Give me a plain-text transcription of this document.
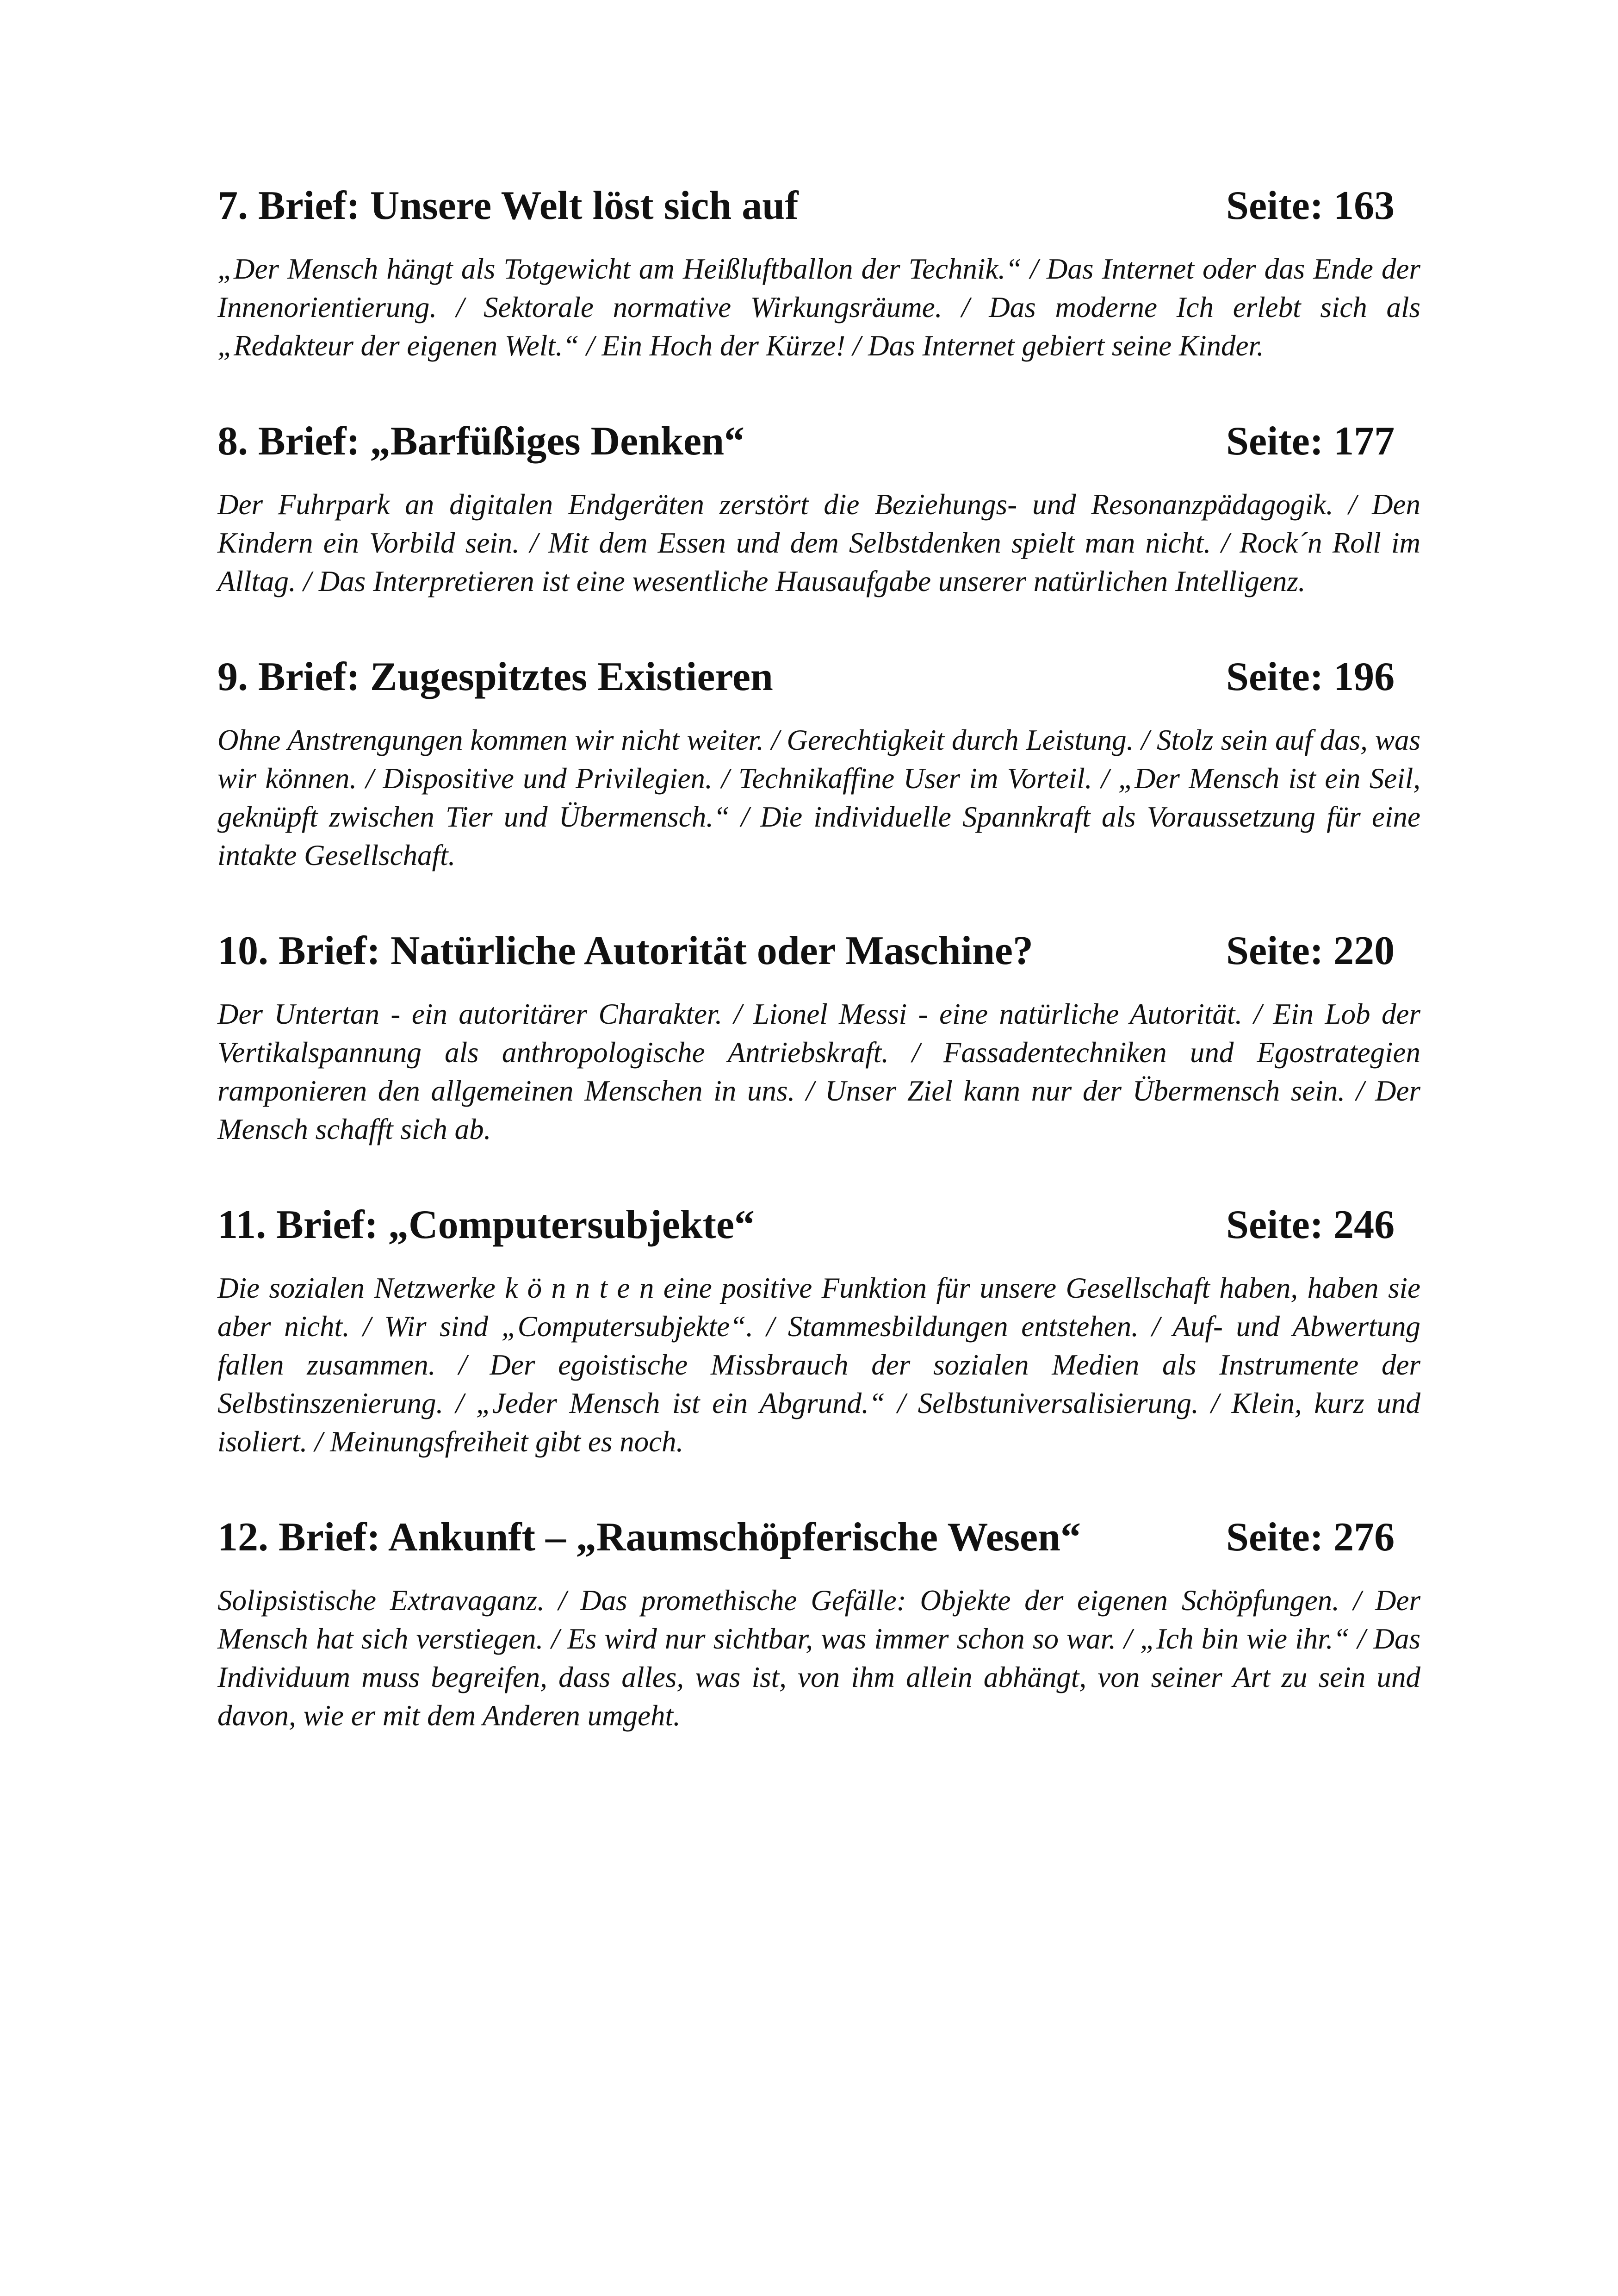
7. Brief: Unsere Welt löst sich auf	Seite: 163

„Der Mensch hängt als Totgewicht am Heißluftballon der Technik.“ / Das Internet oder das Ende der Innenorientierung. / Sektorale normative Wirkungsräume. / Das moderne Ich erlebt sich als „Redakteur der eigenen Welt.“ / Ein Hoch der Kürze! / Das Internet gebiert seine Kinder.

8. Brief: „Barfüßiges Denken“	Seite: 177

Der Fuhrpark an digitalen Endgeräten zerstört die Beziehungs- und Resonanzpädagogik. / Den Kindern ein Vorbild sein. / Mit dem Essen und dem Selbstdenken spielt man nicht. / Rock´n Roll im Alltag. / Das Interpretieren ist eine wesentliche Hausaufgabe unserer natürlichen Intelligenz.

9. Brief: Zugespitztes Existieren	Seite: 196

Ohne Anstrengungen kommen wir nicht weiter. / Gerechtigkeit durch Leistung. / Stolz sein auf das, was wir können. / Dispositive und Privilegien. / Technikaffine User im Vorteil. / „Der Mensch ist ein Seil, geknüpft zwischen Tier und Übermensch.“ / Die individuelle Spannkraft als Voraussetzung für eine intakte Gesellschaft.

10. Brief: Natürliche Autorität oder Maschine?	Seite: 220

Der Untertan - ein autoritärer Charakter. / Lionel Messi - eine natürliche Autorität. / Ein Lob der Vertikalspannung als anthropologische Antriebskraft. / Fassadentechniken und Egostrategien ramponieren den allgemeinen Menschen in uns. / Unser Ziel kann nur der Übermensch sein. / Der Mensch schafft sich ab.

11. Brief: „Computersubjekte“	Seite: 246

Die sozialen Netzwerke k ö n n t e n eine positive Funktion für unsere Gesellschaft haben, haben sie aber nicht. / Wir sind „Computersubjekte“. / Stammesbildungen entstehen. / Auf- und Abwertung fallen zusammen. / Der egoistische Missbrauch der sozialen Medien als Instrumente der Selbstinszenierung. / „Jeder Mensch ist ein Abgrund.“ / Selbstuniversalisierung. / Klein, kurz und isoliert. / Meinungsfreiheit gibt es noch.

12. Brief: Ankunft – „Raumschöpferische Wesen“	Seite: 276

Solipsistische Extravaganz. / Das promethische Gefälle: Objekte der eigenen Schöpfungen. / Der Mensch hat sich verstiegen. / Es wird nur sichtbar, was immer schon so war. / „Ich bin wie ihr.“ / Das Individuum muss begreifen, dass alles, was ist, von ihm allein abhängt, von seiner Art zu sein und davon, wie er mit dem Anderen umgeht.
